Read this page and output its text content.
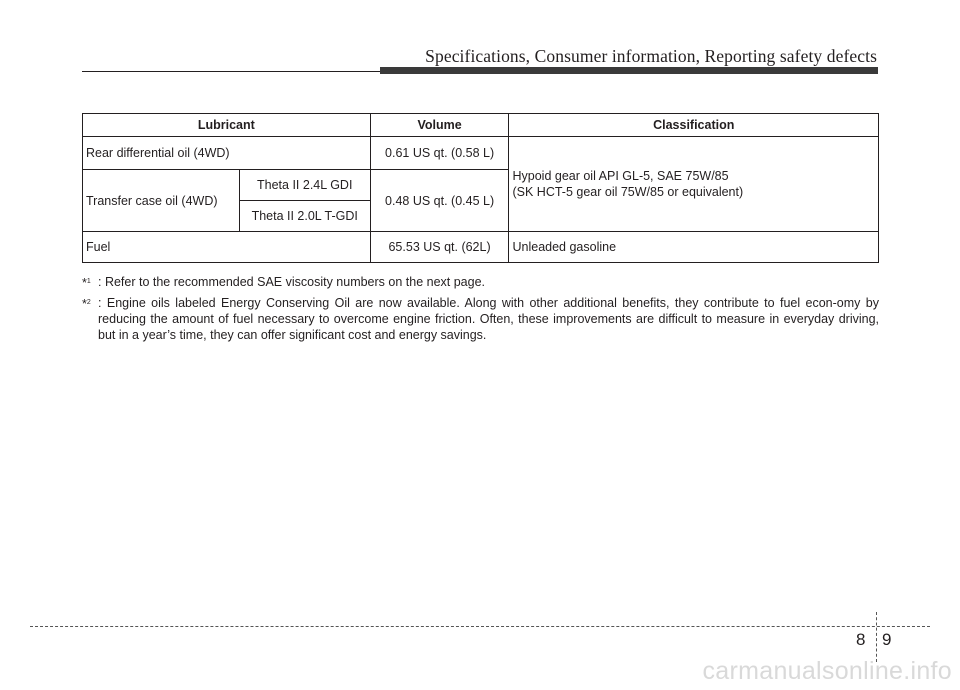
Specifications, Consumer information, Reporting safety defects
Lubricant		Volume	Classification
Rear differential oil (4WD)		0.61 US qt. (0.58 L)	Hypoid gear oil API GL-5, SAE 75W/85
(SK HCT-5 gear oil 75W/85 or equivalent)

Transfer case oil (4WD)	Theta II 2.4L GDI	0.48 US qt. (0.45 L)	
	Theta II 2.0L T-GDI		
Fuel		65.53 US qt. (62L)	Unleaded gasoline
*$^1$ : Refer to the recommended SAE viscosity numbers on the next page.
*$^2$ : Engine oils labeled Energy Conserving Oil are now available. Along with other additional benefits, they contribute to fuel econ-omy by reducing the amount of fuel necessary to overcome engine friction. Often, these improvements are difficult to measure in everyday driving, but in a year’s time, they can offer significant cost and energy savings.
8 9
carmanualsonline.info
